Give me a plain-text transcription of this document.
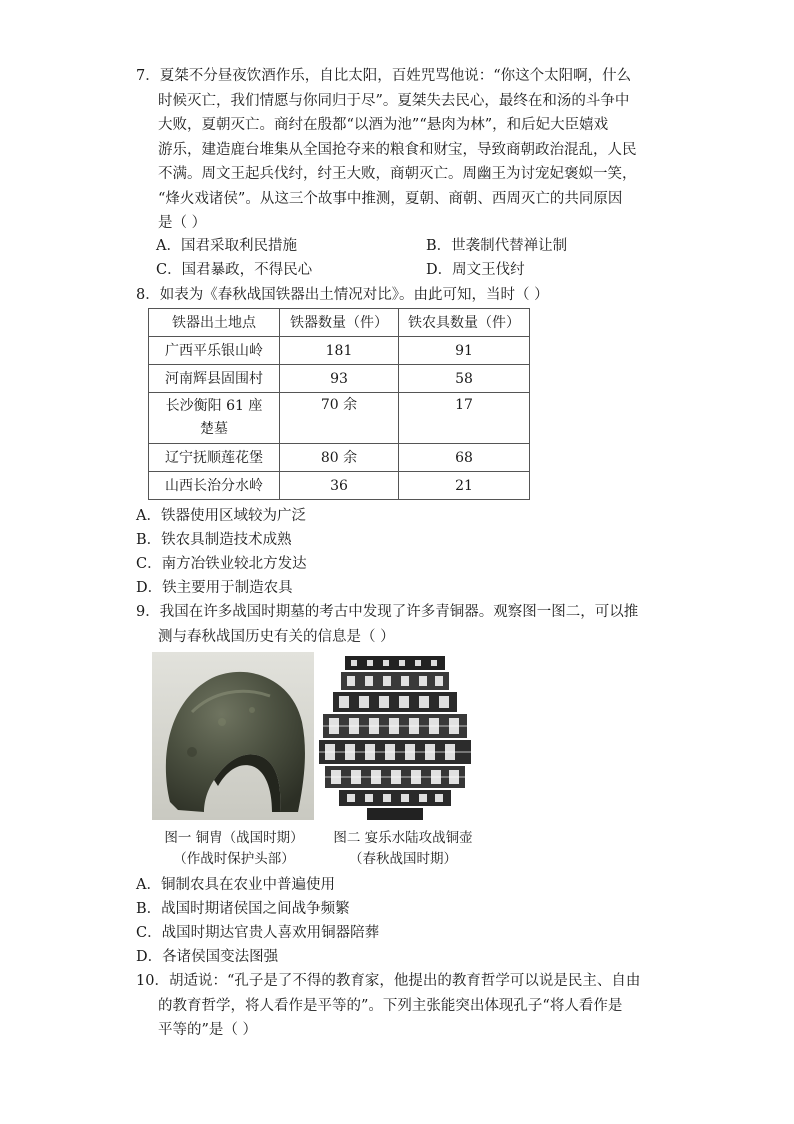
7．夏桀不分昼夜饮酒作乐，自比太阳，百姓咒骂他说：“你这个太阳啊，什么
时候灭亡，我们情愿与你同归于尽”。夏桀失去民心，最终在和汤的斗争中
大败，夏朝灭亡。商纣在殷都“以酒为池”“悬肉为林”，和后妃大臣嬉戏
游乐，建造鹿台堆集从全国抢夺来的粮食和财宝，导致商朝政治混乱，人民
不满。周文王起兵伐纣，纣王大败，商朝灭亡。周幽王为讨宠妃褒姒一笑，
“烽火戏诸侯”。从这三个故事中推测，夏朝、商朝、西周灭亡的共同原因
是（ ）
A．国君采取利民措施	B．世袭制代替禅让制
C．国君暴政，不得民心	D．周文王伐纣
8．如表为《春秋战国铁器出土情况对比》。由此可知，当时（ ）
铁器出土地点	铁器数量（件）	铁农具数量（件）
广西平乐银山岭	181	91
河南辉县固围村	93	58
长沙衡阳 61 座楚墓	70 余	17
辽宁抚顺莲花堡	80 余	68
山西长治分水岭	36	21
A．铁器使用区域较为广泛
B．铁农具制造技术成熟
C．南方冶铁业较北方发达
D．铁主要用于制造农具
9．我国在许多战国时期墓的考古中发现了许多青铜器。观察图一图二，可以推
测与春秋战国历史有关的信息是（ ）
图一 铜胄（战国时期）
（作战时保护头部）
图二 宴乐水陆攻战铜壶
（春秋战国时期）
A．铜制农具在农业中普遍使用
B．战国时期诸侯国之间战争频繁
C．战国时期达官贵人喜欢用铜器陪葬
D．各诸侯国变法图强
10．胡适说：“孔子是了不得的教育家，他提出的教育哲学可以说是民主、自由
的教育哲学，将人看作是平等的”。下列主张能突出体现孔子“将人看作是
平等的”是（ ）
